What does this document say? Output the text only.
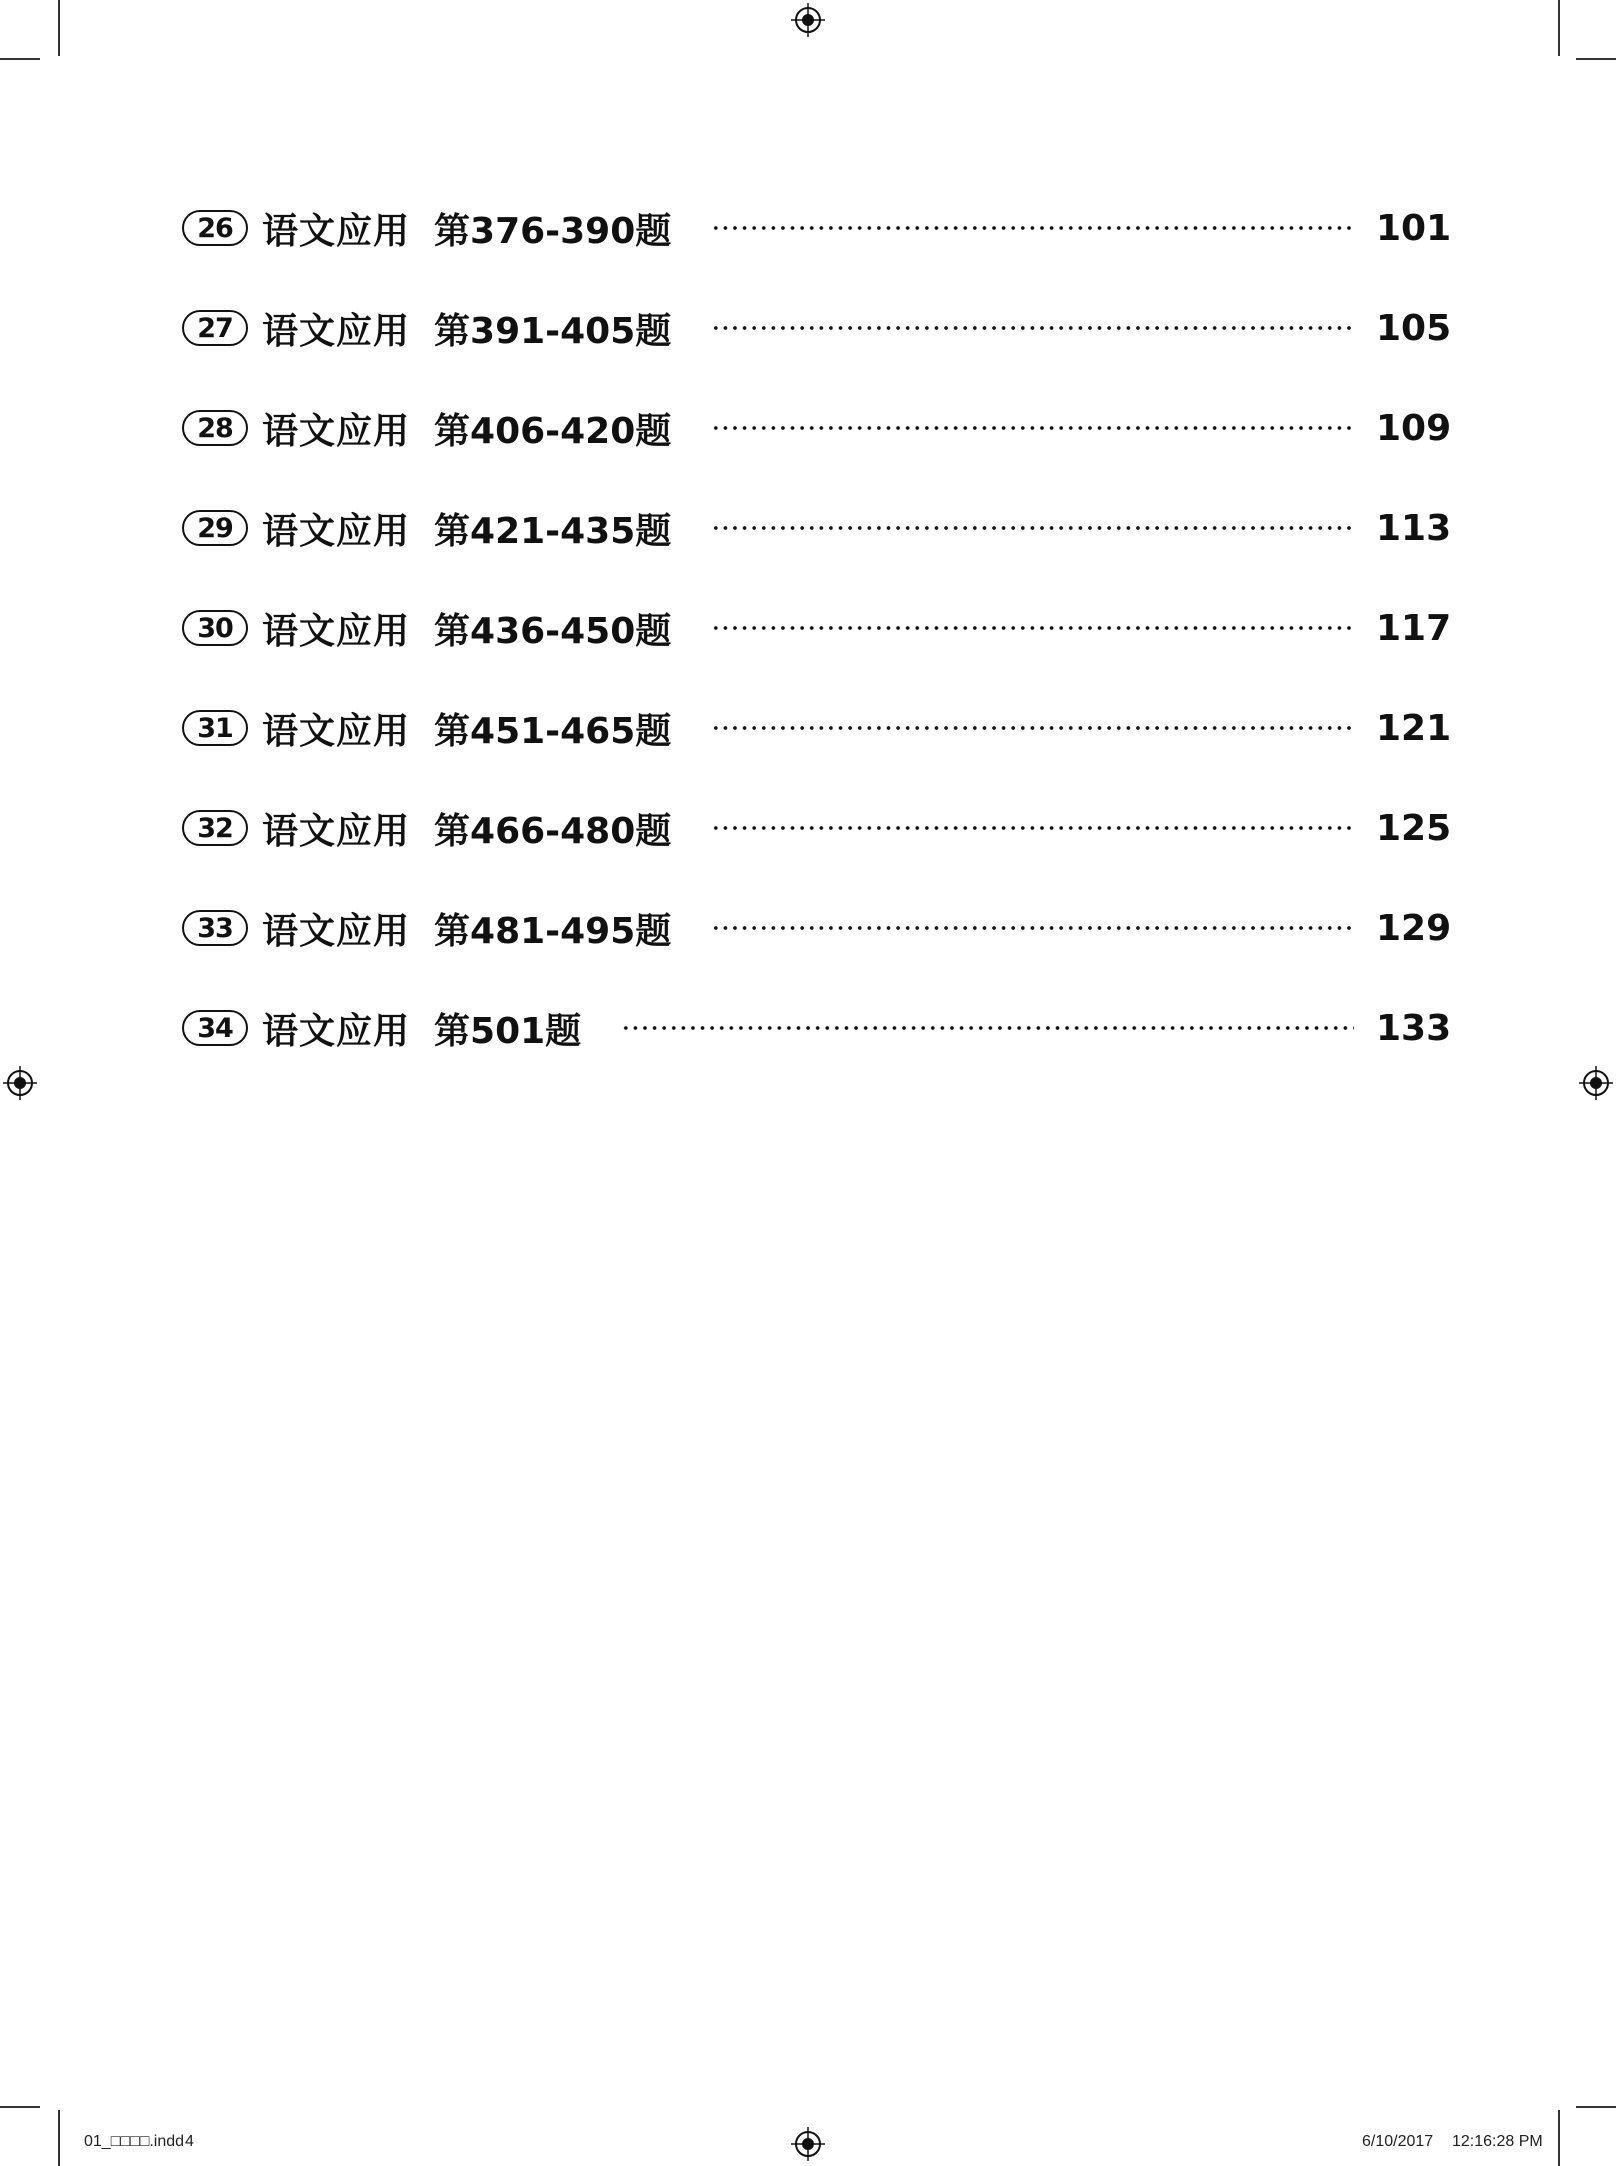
26 语文应用 第376-390题	101
27 语文应用 第391-405题	105
28 语文应用 第406-420题	109
29 语文应用 第421-435题	113
30 语文应用 第436-450题	117
31 语文应用 第451-465题	121
32 语文应用 第466-480题	125
33 语文应用 第481-495题	129
34 语文应用 第501题	133
01_□□□□.indd 4	6/10/2017 12:16:28 PM
